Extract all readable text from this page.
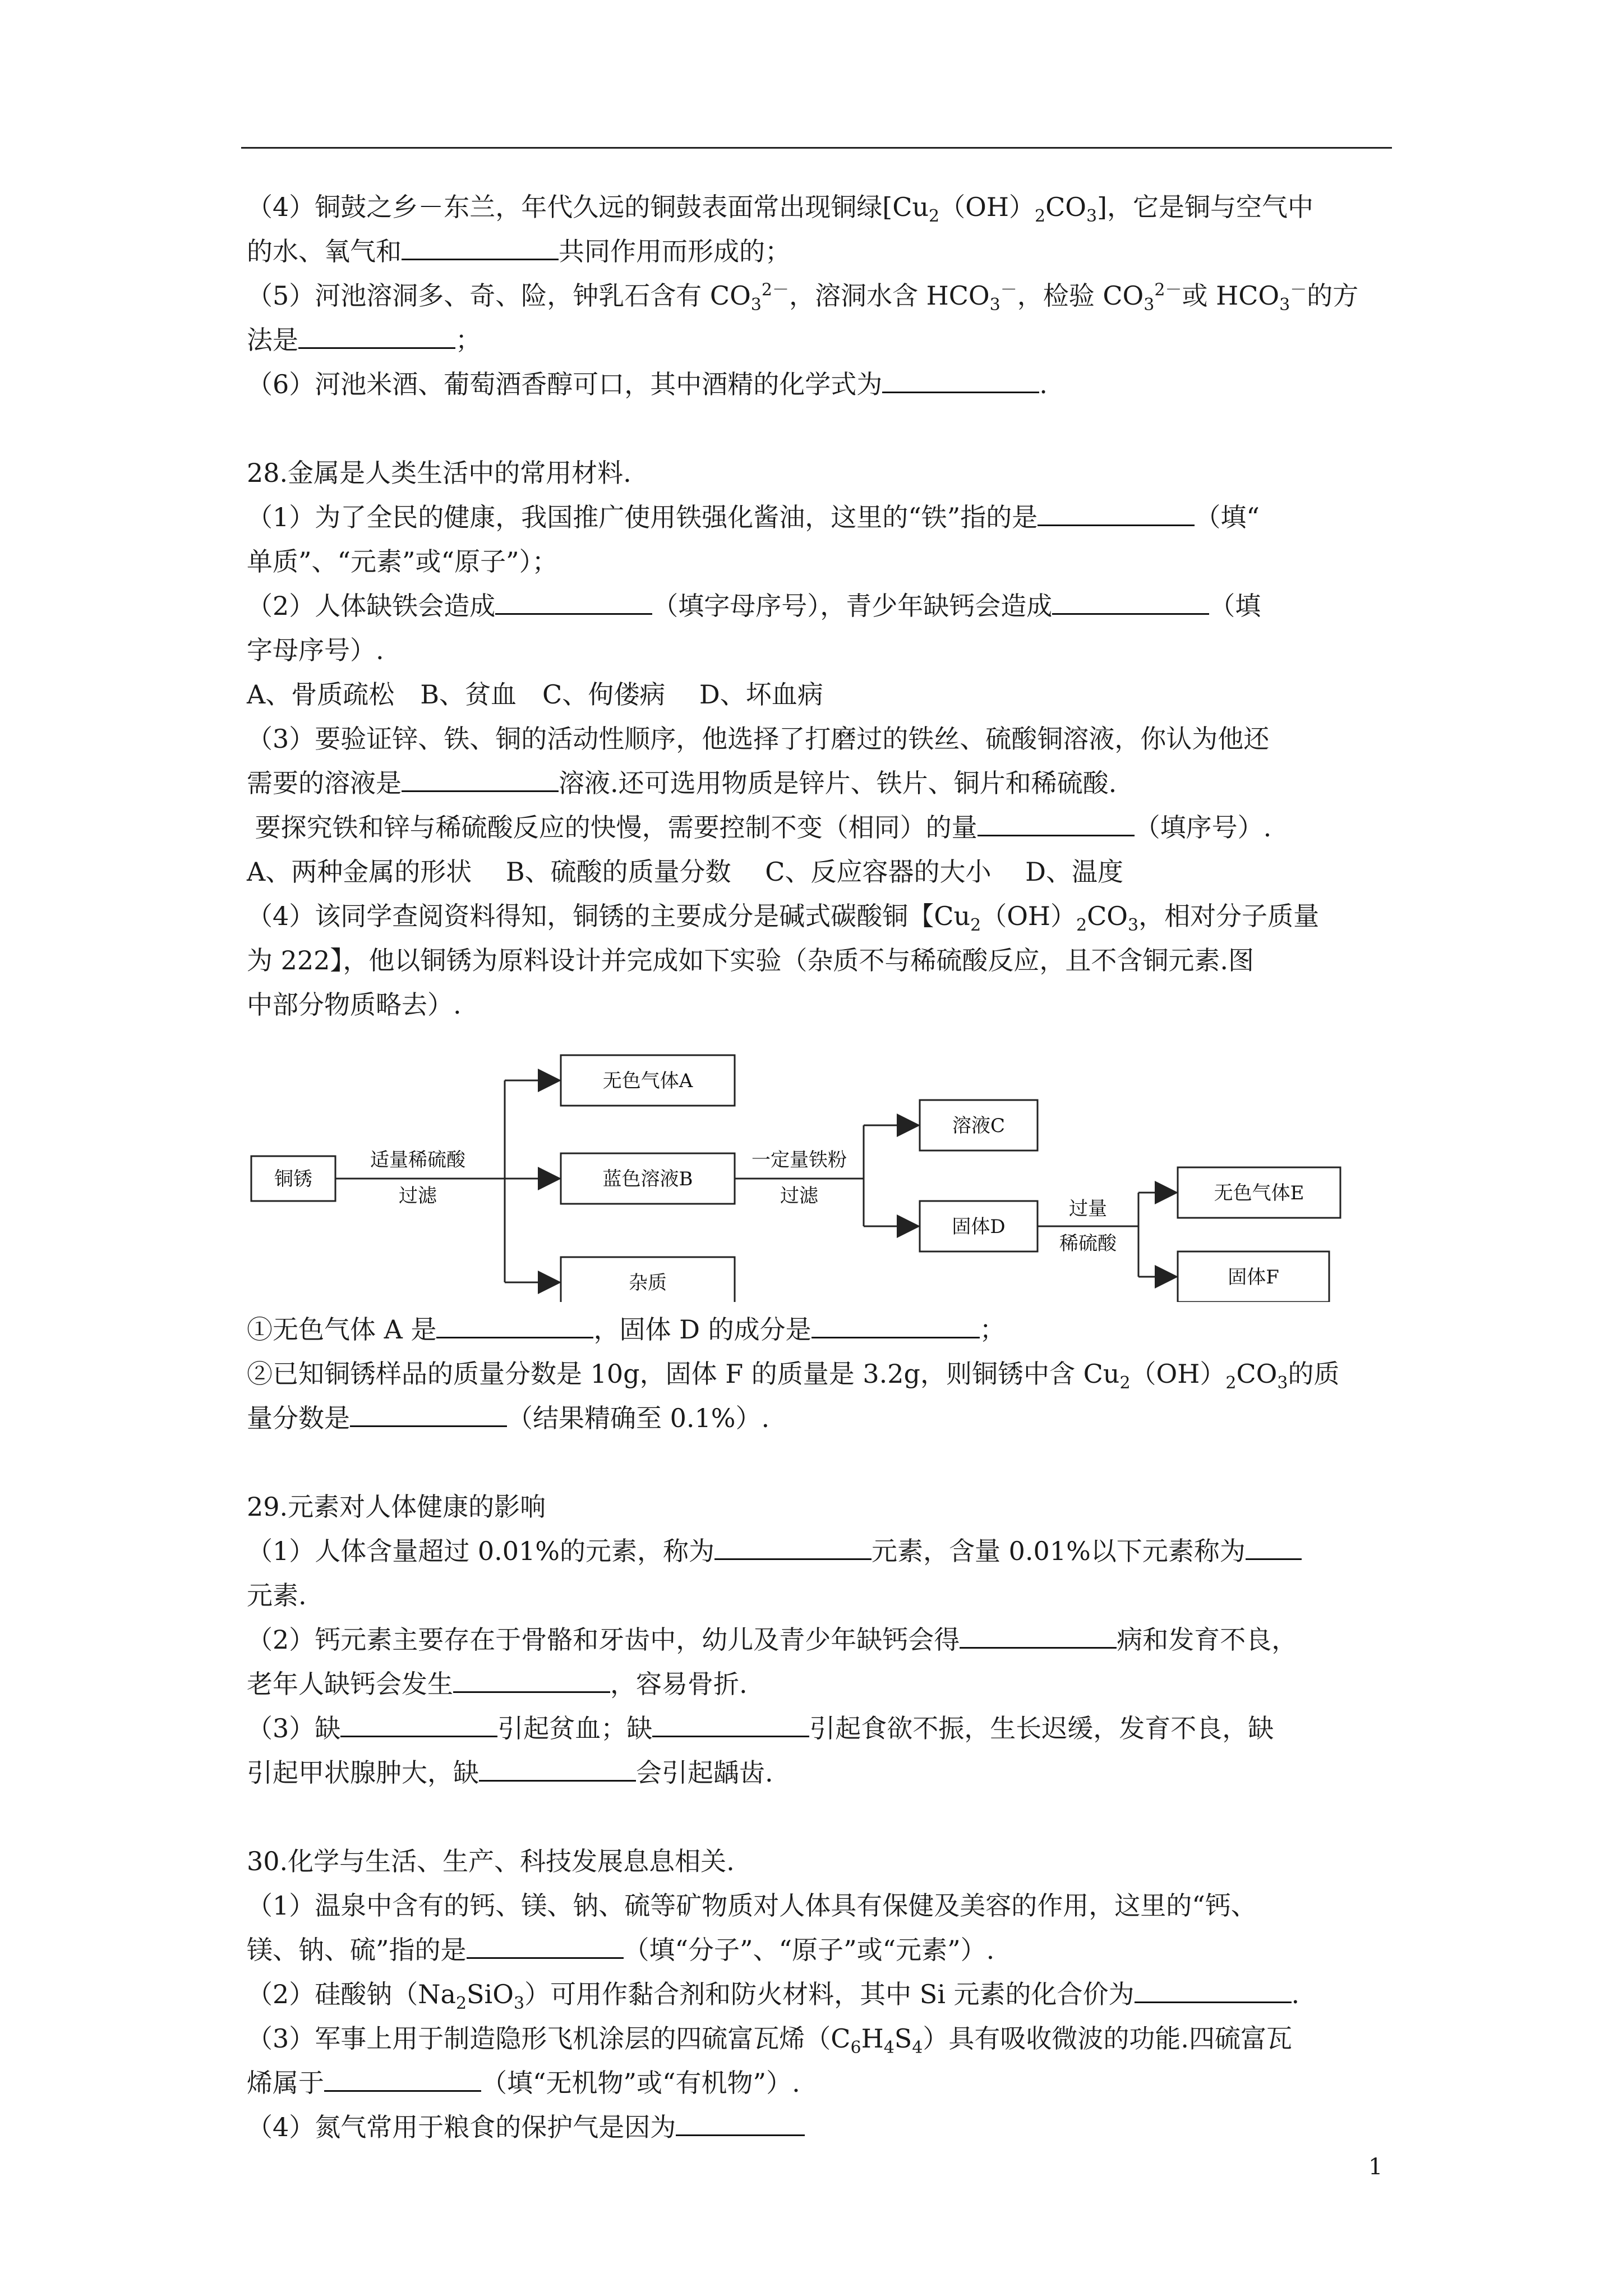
（4）铜鼓之乡－东兰，年代久远的铜鼓表面常出现铜绿$[Cu_2(OH)_2CO_3]$，它是铜与空气中

的水、氧气和	共同作用而形成的；

（5）河池溶洞多、奇、险，钟乳石含有 $CO_3^{2-}$，溶洞水含 $HCO_3^-$，检验 $CO_3^{2-}$或 $HCO_3^-$的方

法是	；

（6）河池米酒、葡萄酒香醇可口，其中酒精的化学式为	.

28.金属是人类生活中的常用材料.

（1）为了全民的健康，我国推广使用铁强化酱油，这里的“铁”指的是	（填“

单质”、“元素”或“原子”）；

（2）人体缺铁会造成	（填字母序号），青少年缺钙会造成	（填

字母序号）.

A、骨质疏松　B、贫血　C、佝偻病　 D、坏血病

（3）要验证锌、铁、铜的活动性顺序，他选择了打磨过的铁丝、硫酸铜溶液，你认为他还

需要的溶液是	溶液.还可选用物质是锌片、铁片、铜片和稀硫酸.

要探究铁和锌与稀硫酸反应的快慢，需要控制不变（相同）的量	（填序号）.

A、两种金属的形状　 B、硫酸的质量分数　 C、反应容器的大小　 D、温度

（4）该同学查阅资料得知，铜锈的主要成分是碱式碳酸铜【$Cu_2(OH)_2CO_3$，相对分子质量

为 222】，他以铜锈为原料设计并完成如下实验（杂质不与稀硫酸反应，且不含铜元素.图

中部分物质略去）.

铜锈
适量稀硫酸
过滤
无色气体A
蓝色溶液B
杂质
一定量铁粉
过滤
溶液C
固体D
过量
稀硫酸
无色气体E
固体F

①无色气体 A 是	，固体 D 的成分是	；

②已知铜锈样品的质量分数是 10g，固体 F 的质量是 3.2g，则铜锈中含 $Cu_2(OH)_2CO_3$的质

量分数是	（结果精确至 0.1%）.

29.元素对人体健康的影响

（1）人体含量超过 0.01%的元素，称为	元素，含量 0.01%以下元素称为

元素.

（2）钙元素主要存在于骨骼和牙齿中，幼儿及青少年缺钙会得	病和发育不良，

老年人缺钙会发生	，容易骨折.

（3）缺	引起贫血；缺	引起食欲不振，生长迟缓，发育不良，缺

引起甲状腺肿大，缺	会引起龋齿.

30.化学与生活、生产、科技发展息息相关.

（1）温泉中含有的钙、镁、钠、硫等矿物质对人体具有保健及美容的作用，这里的“钙、

镁、钠、硫”指的是	（填“分子”、“原子”或“元素”）.

（2）硅酸钠$(Na_2SiO_3)$可用作黏合剂和防火材料，其中 Si 元素的化合价为	.

（3）军事上用于制造隐形飞机涂层的四硫富瓦烯$(C_6H_4S_4)$具有吸收微波的功能.四硫富瓦

烯属于	（填“无机物”或“有机物”）.

（4）氮气常用于粮食的保护气是因为

1
